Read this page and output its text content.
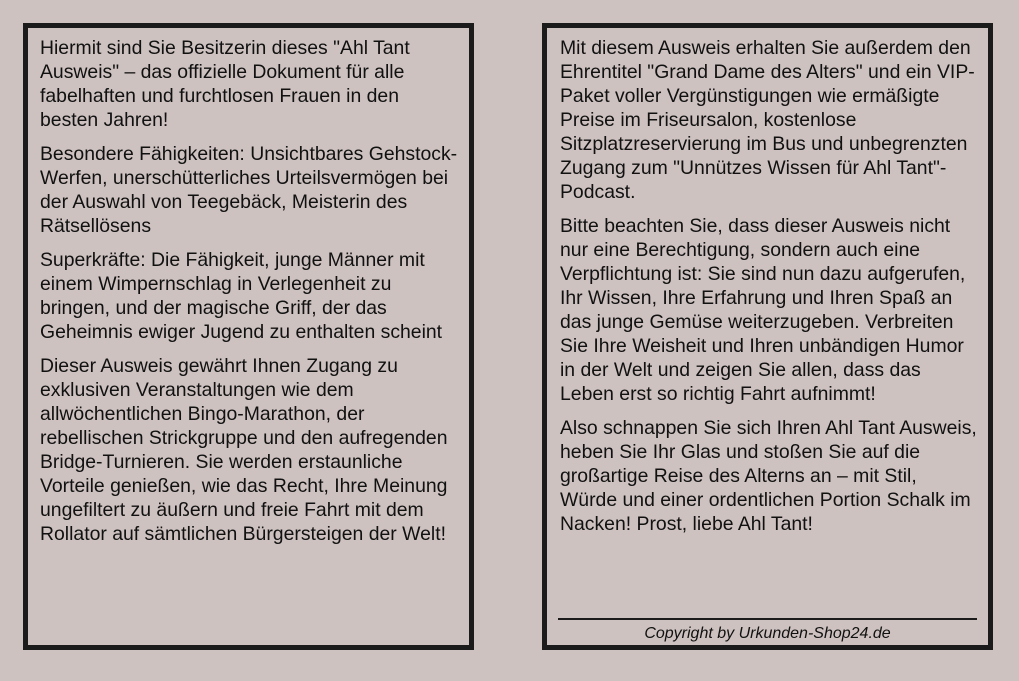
Hiermit sind Sie Besitzerin dieses "Ahl Tant Ausweis" – das offizielle Dokument für alle fabelhaften und furchtlosen Frauen in den besten Jahren!

Besondere Fähigkeiten: Unsichtbares Gehstock-Werfen, unerschütterliches Urteilsvermögen bei der Auswahl von Teegebäck, Meisterin des Rätsellösens

Superkräfte: Die Fähigkeit, junge Männer mit einem Wimpernschlag in Verlegenheit zu bringen, und der magische Griff, der das Geheimnis ewiger Jugend zu enthalten scheint

Dieser Ausweis gewährt Ihnen Zugang zu exklusiven Veranstaltungen wie dem allwöchentlichen Bingo-Marathon, der rebellischen Strickgruppe und den aufregenden Bridge-Turnieren. Sie werden erstaunliche Vorteile genießen, wie das Recht, Ihre Meinung ungefiltert zu äußern und freie Fahrt mit dem Rollator auf sämtlichen Bürgersteigen der Welt!

Mit diesem Ausweis erhalten Sie außerdem den Ehrentitel "Grand Dame des Alters" und ein VIP-Paket voller Vergünstigungen wie ermäßigte Preise im Friseursalon, kostenlose Sitzplatzreservierung im Bus und unbegrenzten Zugang zum "Unnützes Wissen für Ahl Tant"-Podcast.

Bitte beachten Sie, dass dieser Ausweis nicht nur eine Berechtigung, sondern auch eine Verpflichtung ist: Sie sind nun dazu aufgerufen, Ihr Wissen, Ihre Erfahrung und Ihren Spaß an das junge Gemüse weiterzugeben. Verbreiten Sie Ihre Weisheit und Ihren unbändigen Humor in der Welt und zeigen Sie allen, dass das Leben erst so richtig Fahrt aufnimmt!

Also schnappen Sie sich Ihren Ahl Tant Ausweis, heben Sie Ihr Glas und stoßen Sie auf die großartige Reise des Alterns an – mit Stil, Würde und einer ordentlichen Portion Schalk im Nacken! Prost, liebe Ahl Tant!

Copyright by Urkunden-Shop24.de
